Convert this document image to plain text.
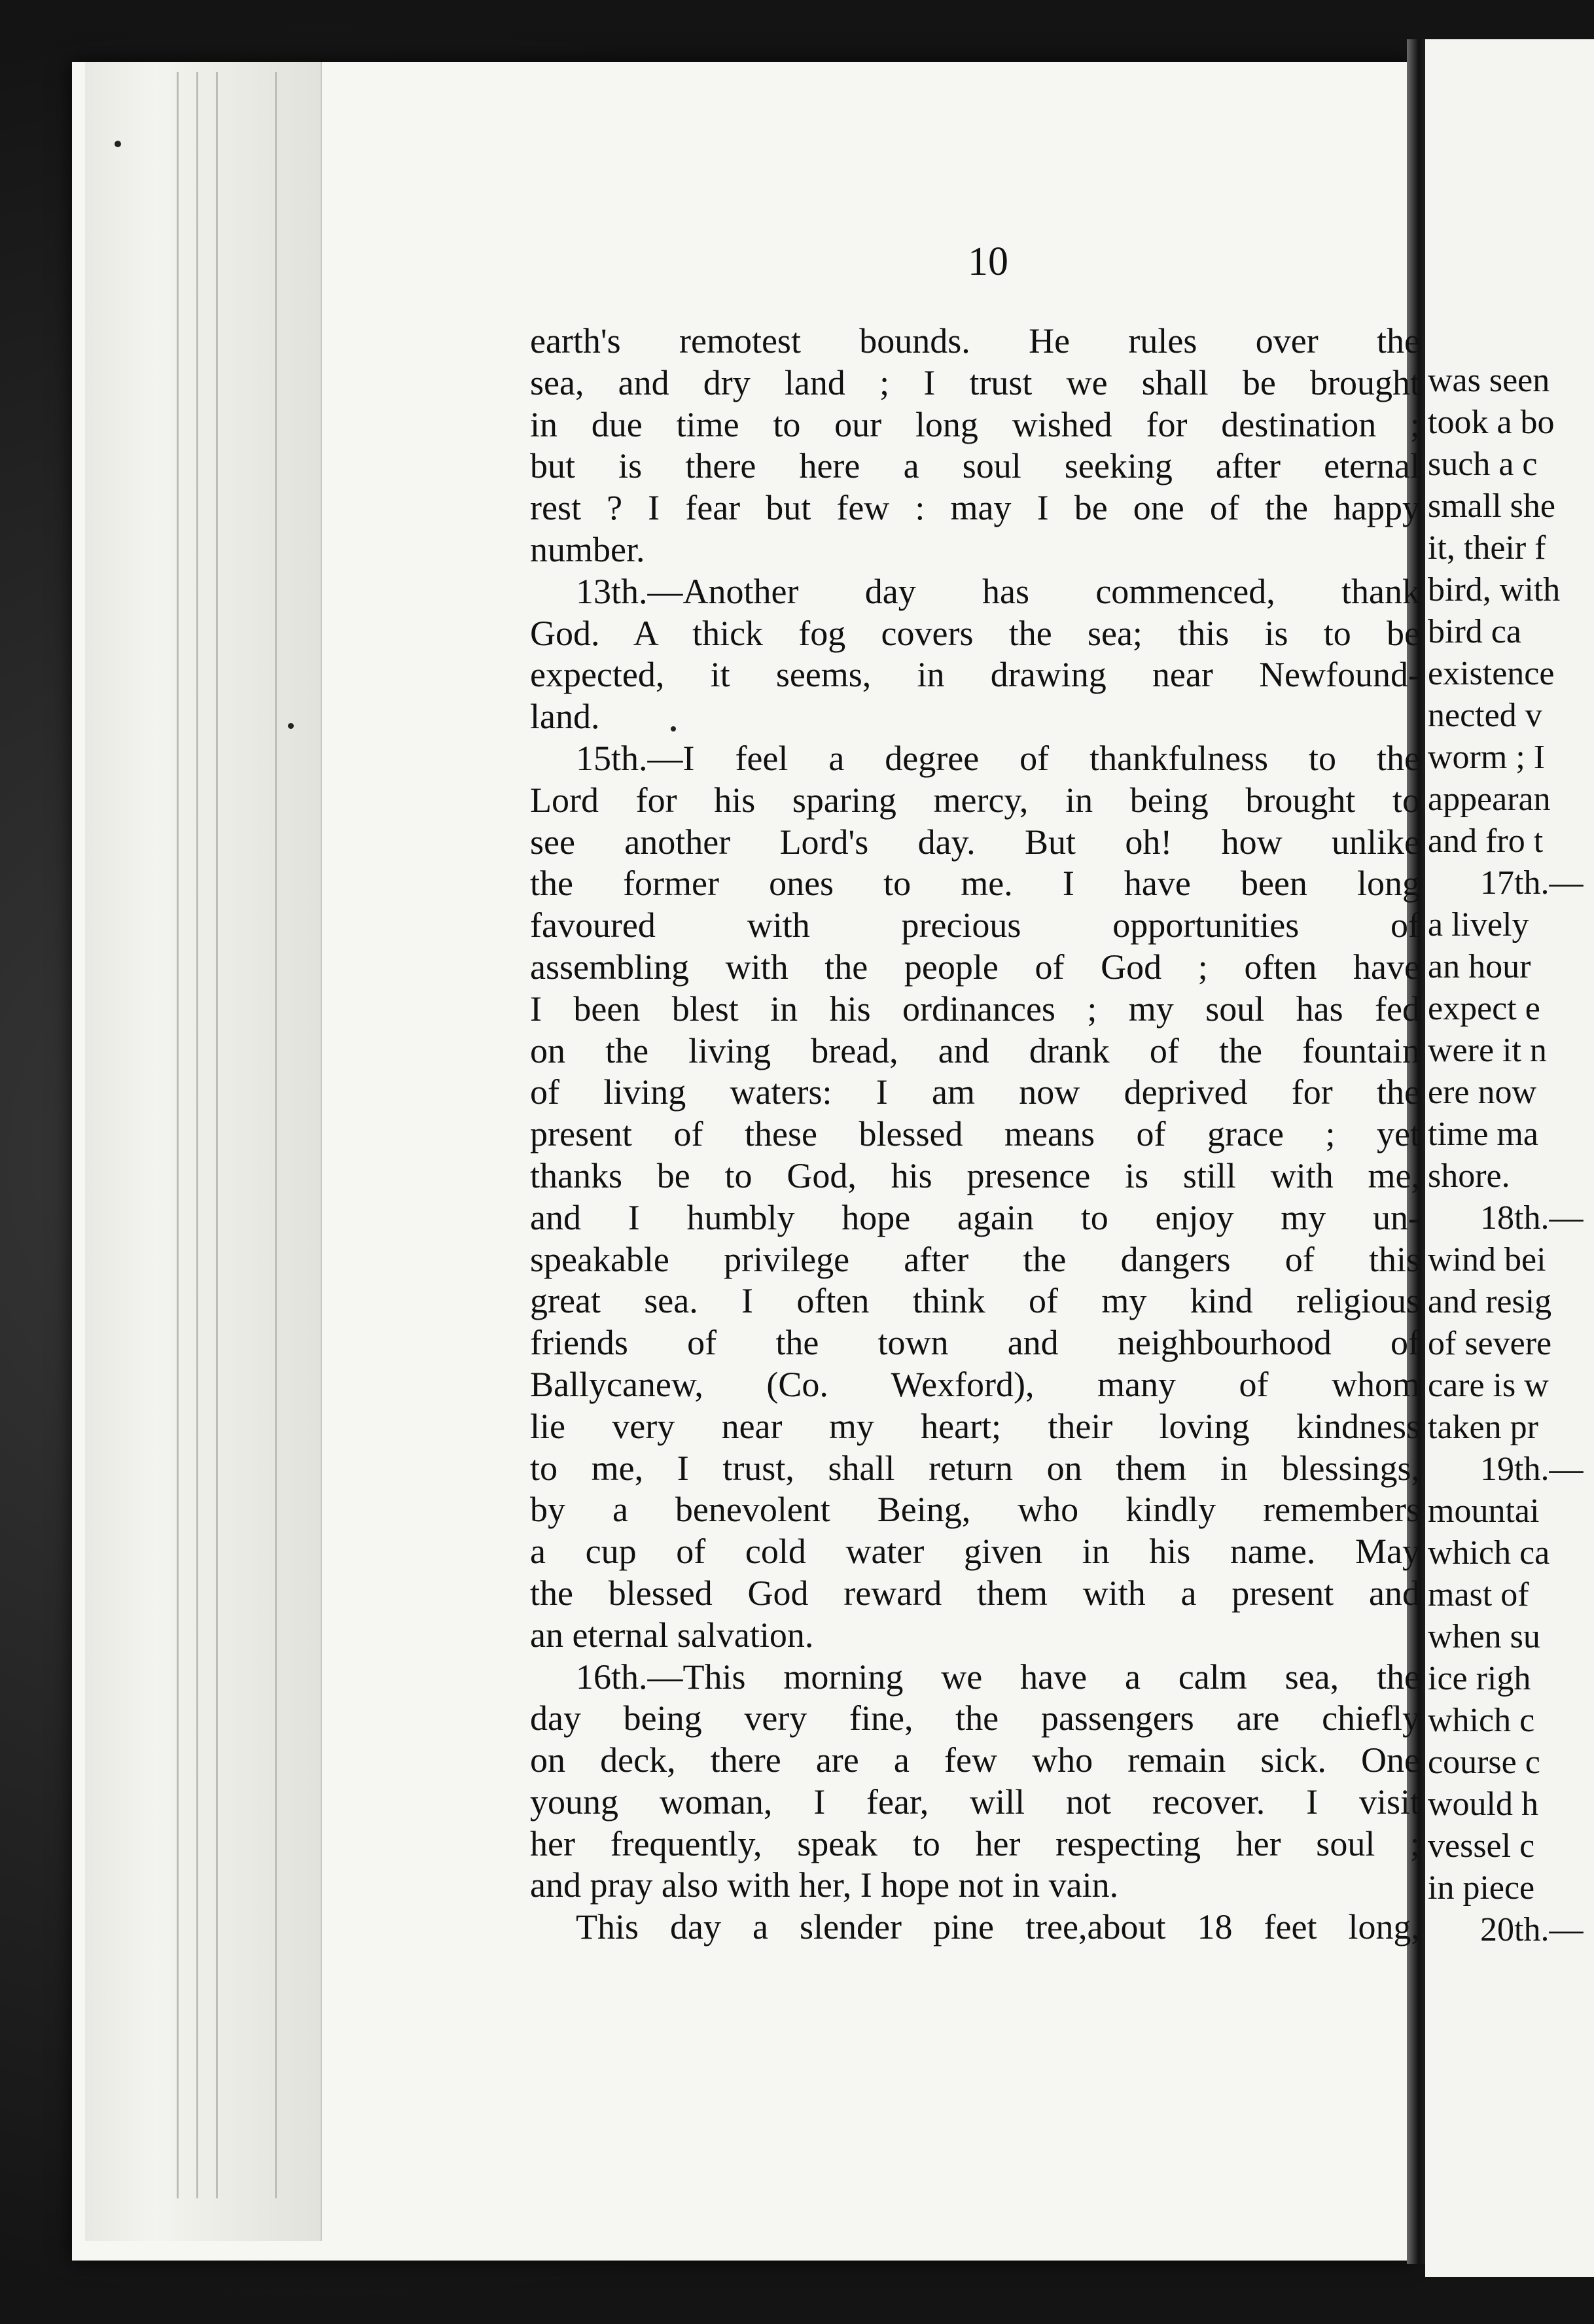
10
earth's remotest bounds. He rules over the
sea, and dry land ; I trust we shall be brought
in due time to our long wished for destination ;
but is there here a soul seeking after eternal
rest ? I fear but few : may I be one of the happy
number.
13th.—Another day has commenced, thank
God. A thick fog covers the sea; this is to be
expected, it seems, in drawing near Newfound-
land.
15th.—I feel a degree of thankfulness to the
Lord for his sparing mercy, in being brought to
see another Lord's day. But oh! how unlike
the former ones to me. I have been long
favoured with precious opportunities of
assembling with the people of God ; often have
I been blest in his ordinances ; my soul has fed
on the living bread, and drank of the fountain
of living waters: I am now deprived for the
present of these blessed means of grace ; yet
thanks be to God, his presence is still with me,
and I humbly hope again to enjoy my un-
speakable privilege after the dangers of this
great sea. I often think of my kind religious
friends of the town and neighbourhood of
Ballycanew, (Co. Wexford), many of whom
lie very near my heart; their loving kindness
to me, I trust, shall return on them in blessings,
by a benevolent Being, who kindly remembers
a cup of cold water given in his name. May
the blessed God reward them with a present and
an eternal salvation.
16th.—This morning we have a calm sea, the
day being very fine, the passengers are chiefly
on deck, there are a few who remain sick. One
young woman, I fear, will not recover. I visit
her frequently, speak to her respecting her soul ;
and pray also with her, I hope not in vain.
This day a slender pine tree,about 18 feet long,
was seen
took a bo
such a c
small she
it, their f
bird, with
bird ca
existence
nected v
worm ; I
appearan
and fro t
17th.—
a lively
an hour
expect e
were it n
ere now
time ma
shore.
18th.—
wind bei
and resig
of severe
care is w
taken pr
19th.—
mountai
which ca
mast of
when su
ice righ
which c
course c
would h
vessel c
in piece
20th.—
